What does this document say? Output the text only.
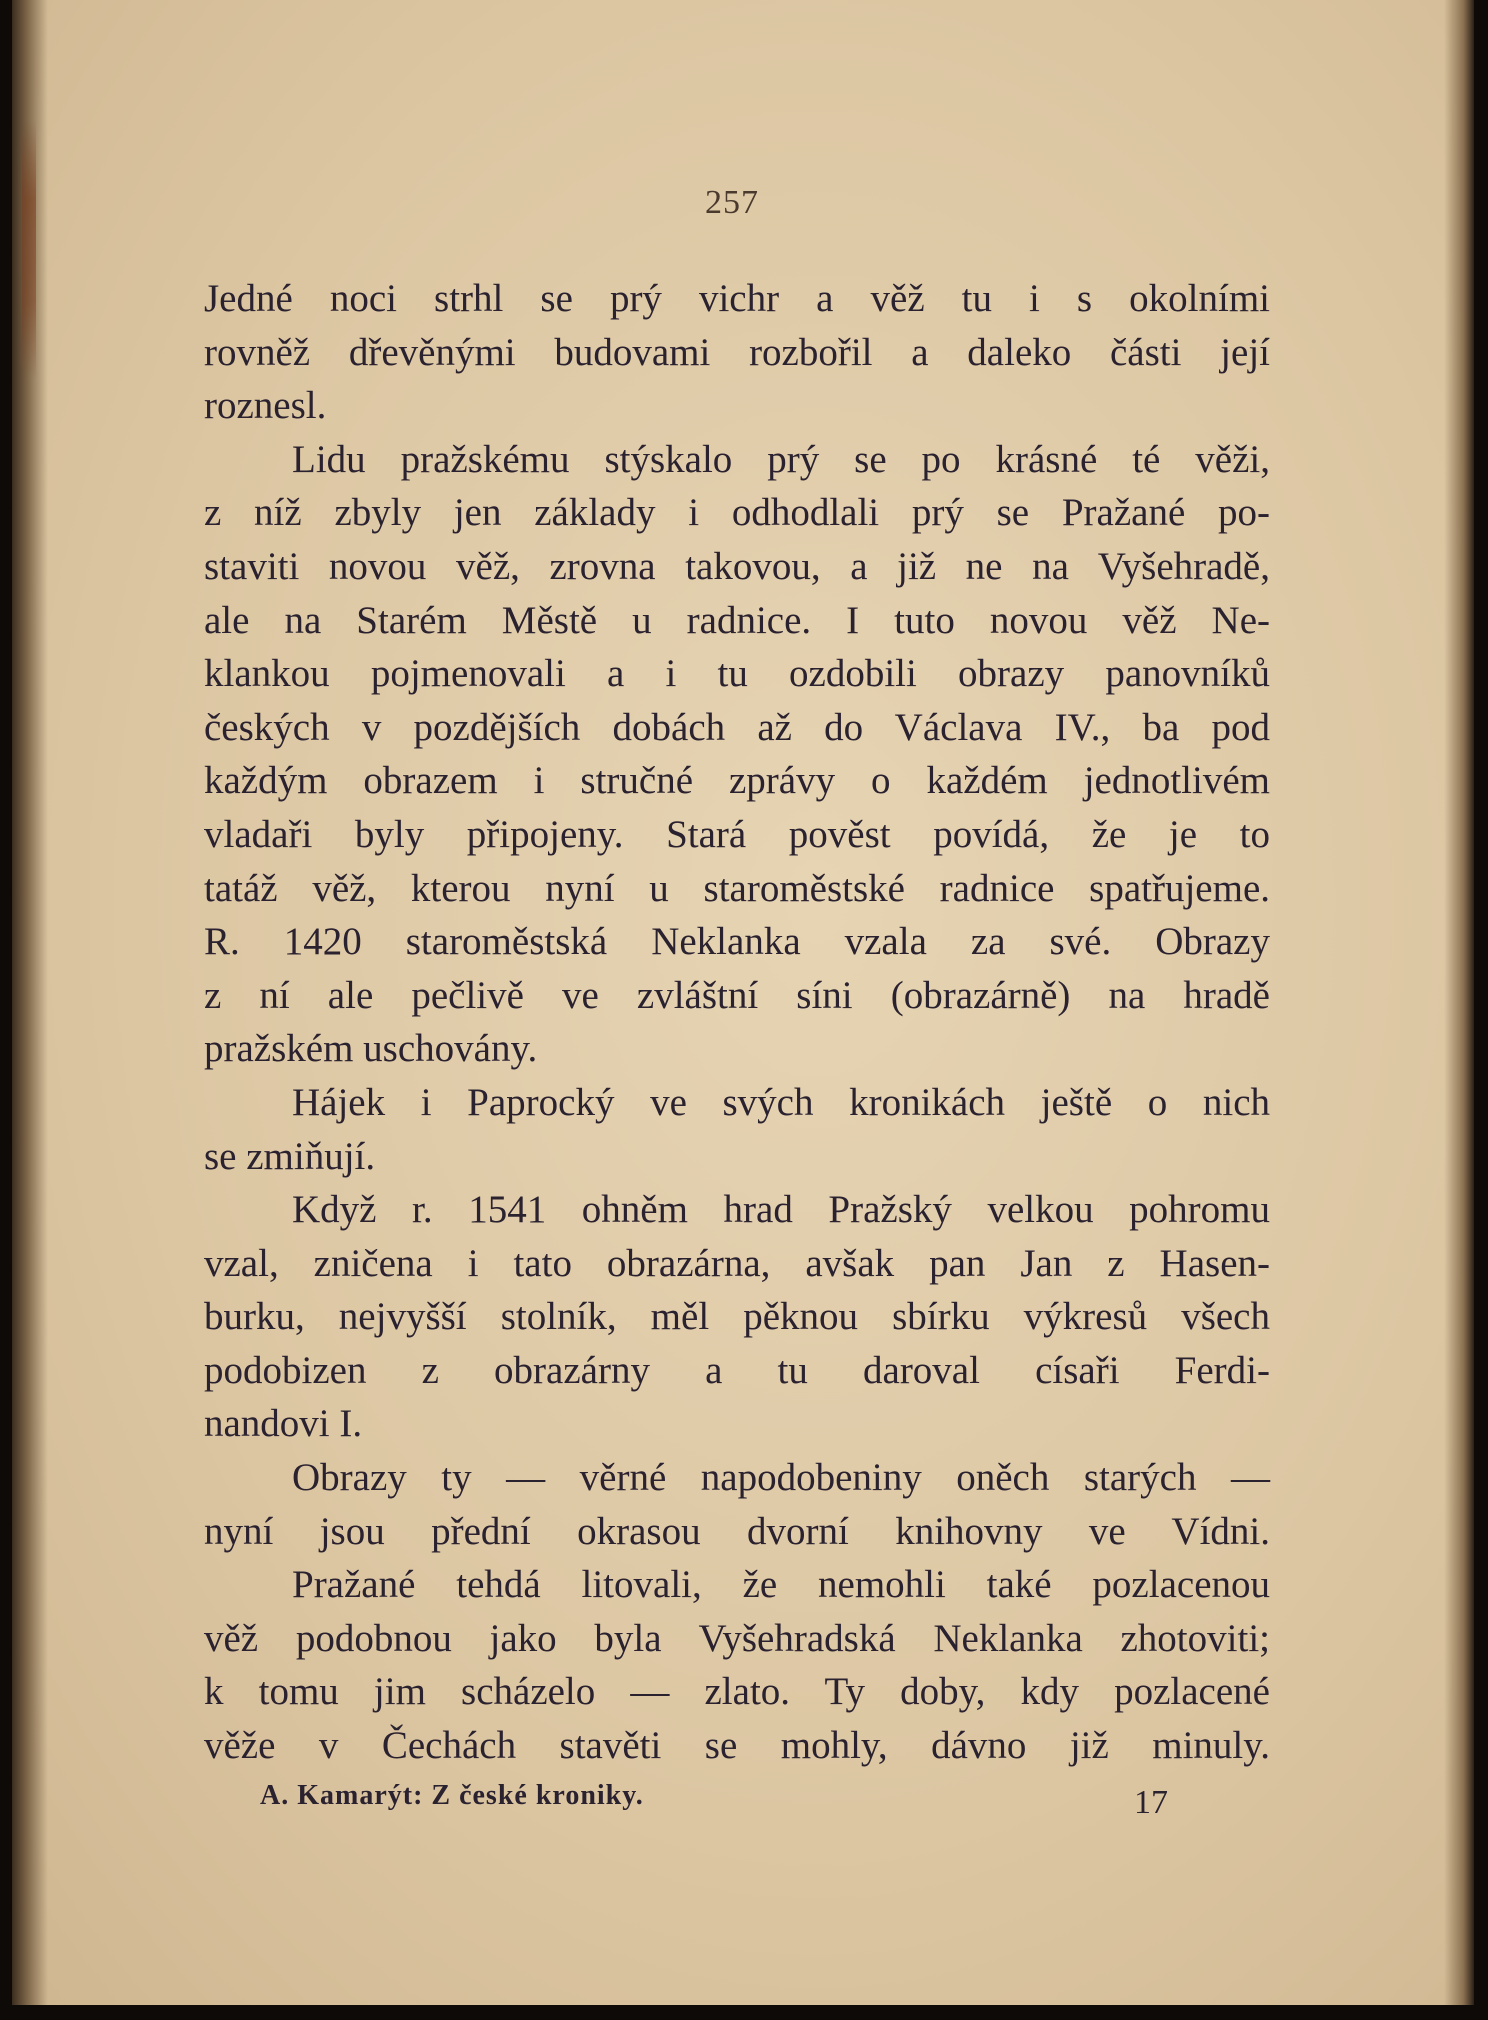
257
Jedné noci strhl se prý vichr a věž tu i s okolními
rovněž dřevěnými budovami rozbořil a daleko části její
roznesl.
Lidu pražskému stýskalo prý se po krásné té věži,
z níž zbyly jen základy i odhodlali prý se Pražané po-
staviti novou věž, zrovna takovou, a již ne na Vyšehradě,
ale na Starém Městě u radnice. I tuto novou věž Ne-
klankou pojmenovali a i tu ozdobili obrazy panovníků
českých v pozdějších dobách až do Václava IV., ba pod
každým obrazem i stručné zprávy o každém jednotlivém
vladaři byly připojeny. Stará pověst povídá, že je to
tatáž věž, kterou nyní u staroměstské radnice spatřujeme.
R. 1420 staroměstská Neklanka vzala za své. Obrazy
z ní ale pečlivě ve zvláštní síni (obrazárně) na hradě
pražském uschovány.
Hájek i Paprocký ve svých kronikách ještě o nich
se zmiňují.
Když r. 1541 ohněm hrad Pražský velkou pohromu
vzal, zničena i tato obrazárna, avšak pan Jan z Hasen-
burku, nejvyšší stolník, měl pěknou sbírku výkresů všech
podobizen z obrazárny a tu daroval císaři Ferdi-
nandovi I.
Obrazy ty — věrné napodobeniny oněch starých —
nyní jsou přední okrasou dvorní knihovny ve Vídni.
Pražané tehdá litovali, že nemohli také pozlacenou
věž podobnou jako byla Vyšehradská Neklanka zhotoviti;
k tomu jim scházelo — zlato. Ty doby, kdy pozlacené
věže v Čechách stavěti se mohly, dávno již minuly.
A. Kamarýt: Z české kroniky.	17
